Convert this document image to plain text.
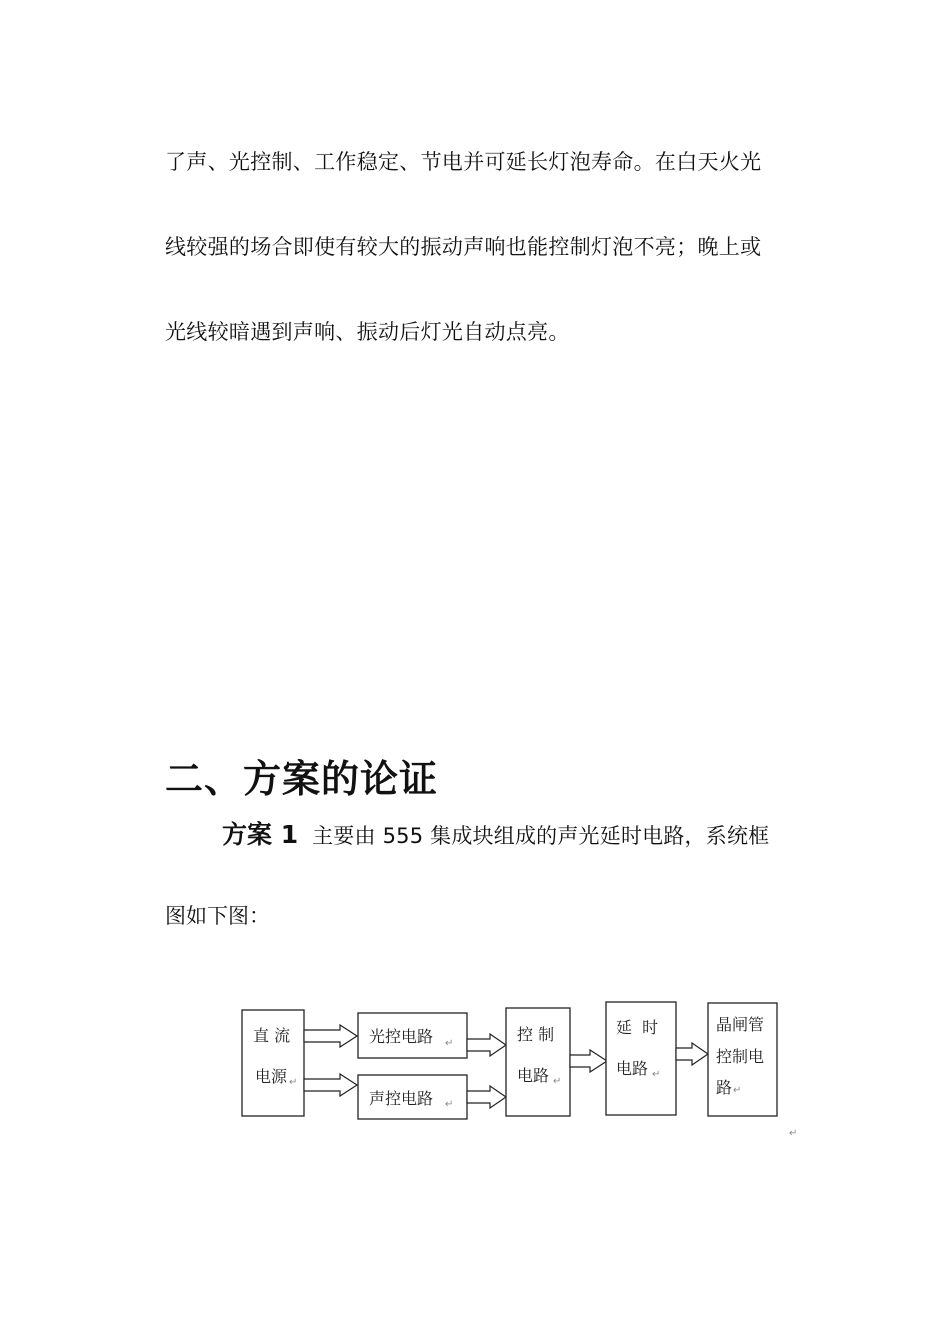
了声、光控制、工作稳定、节电并可延长灯泡寿命。在白天火光
线较强的场合即使有较大的振动声响也能控制灯泡不亮；晚上或
光线较暗遇到声响、振动后灯光自动点亮。
二、方案的论证
方案 1 主要由 555 集成块组成的声光延时电路，系统框
图如下图：
直 流
电源 ↵
光控电路 ↵
声控电路 ↵
控 制
电路 ↵
延  时
电路 ↵
晶闸管
控制电
路 ↵
↵
